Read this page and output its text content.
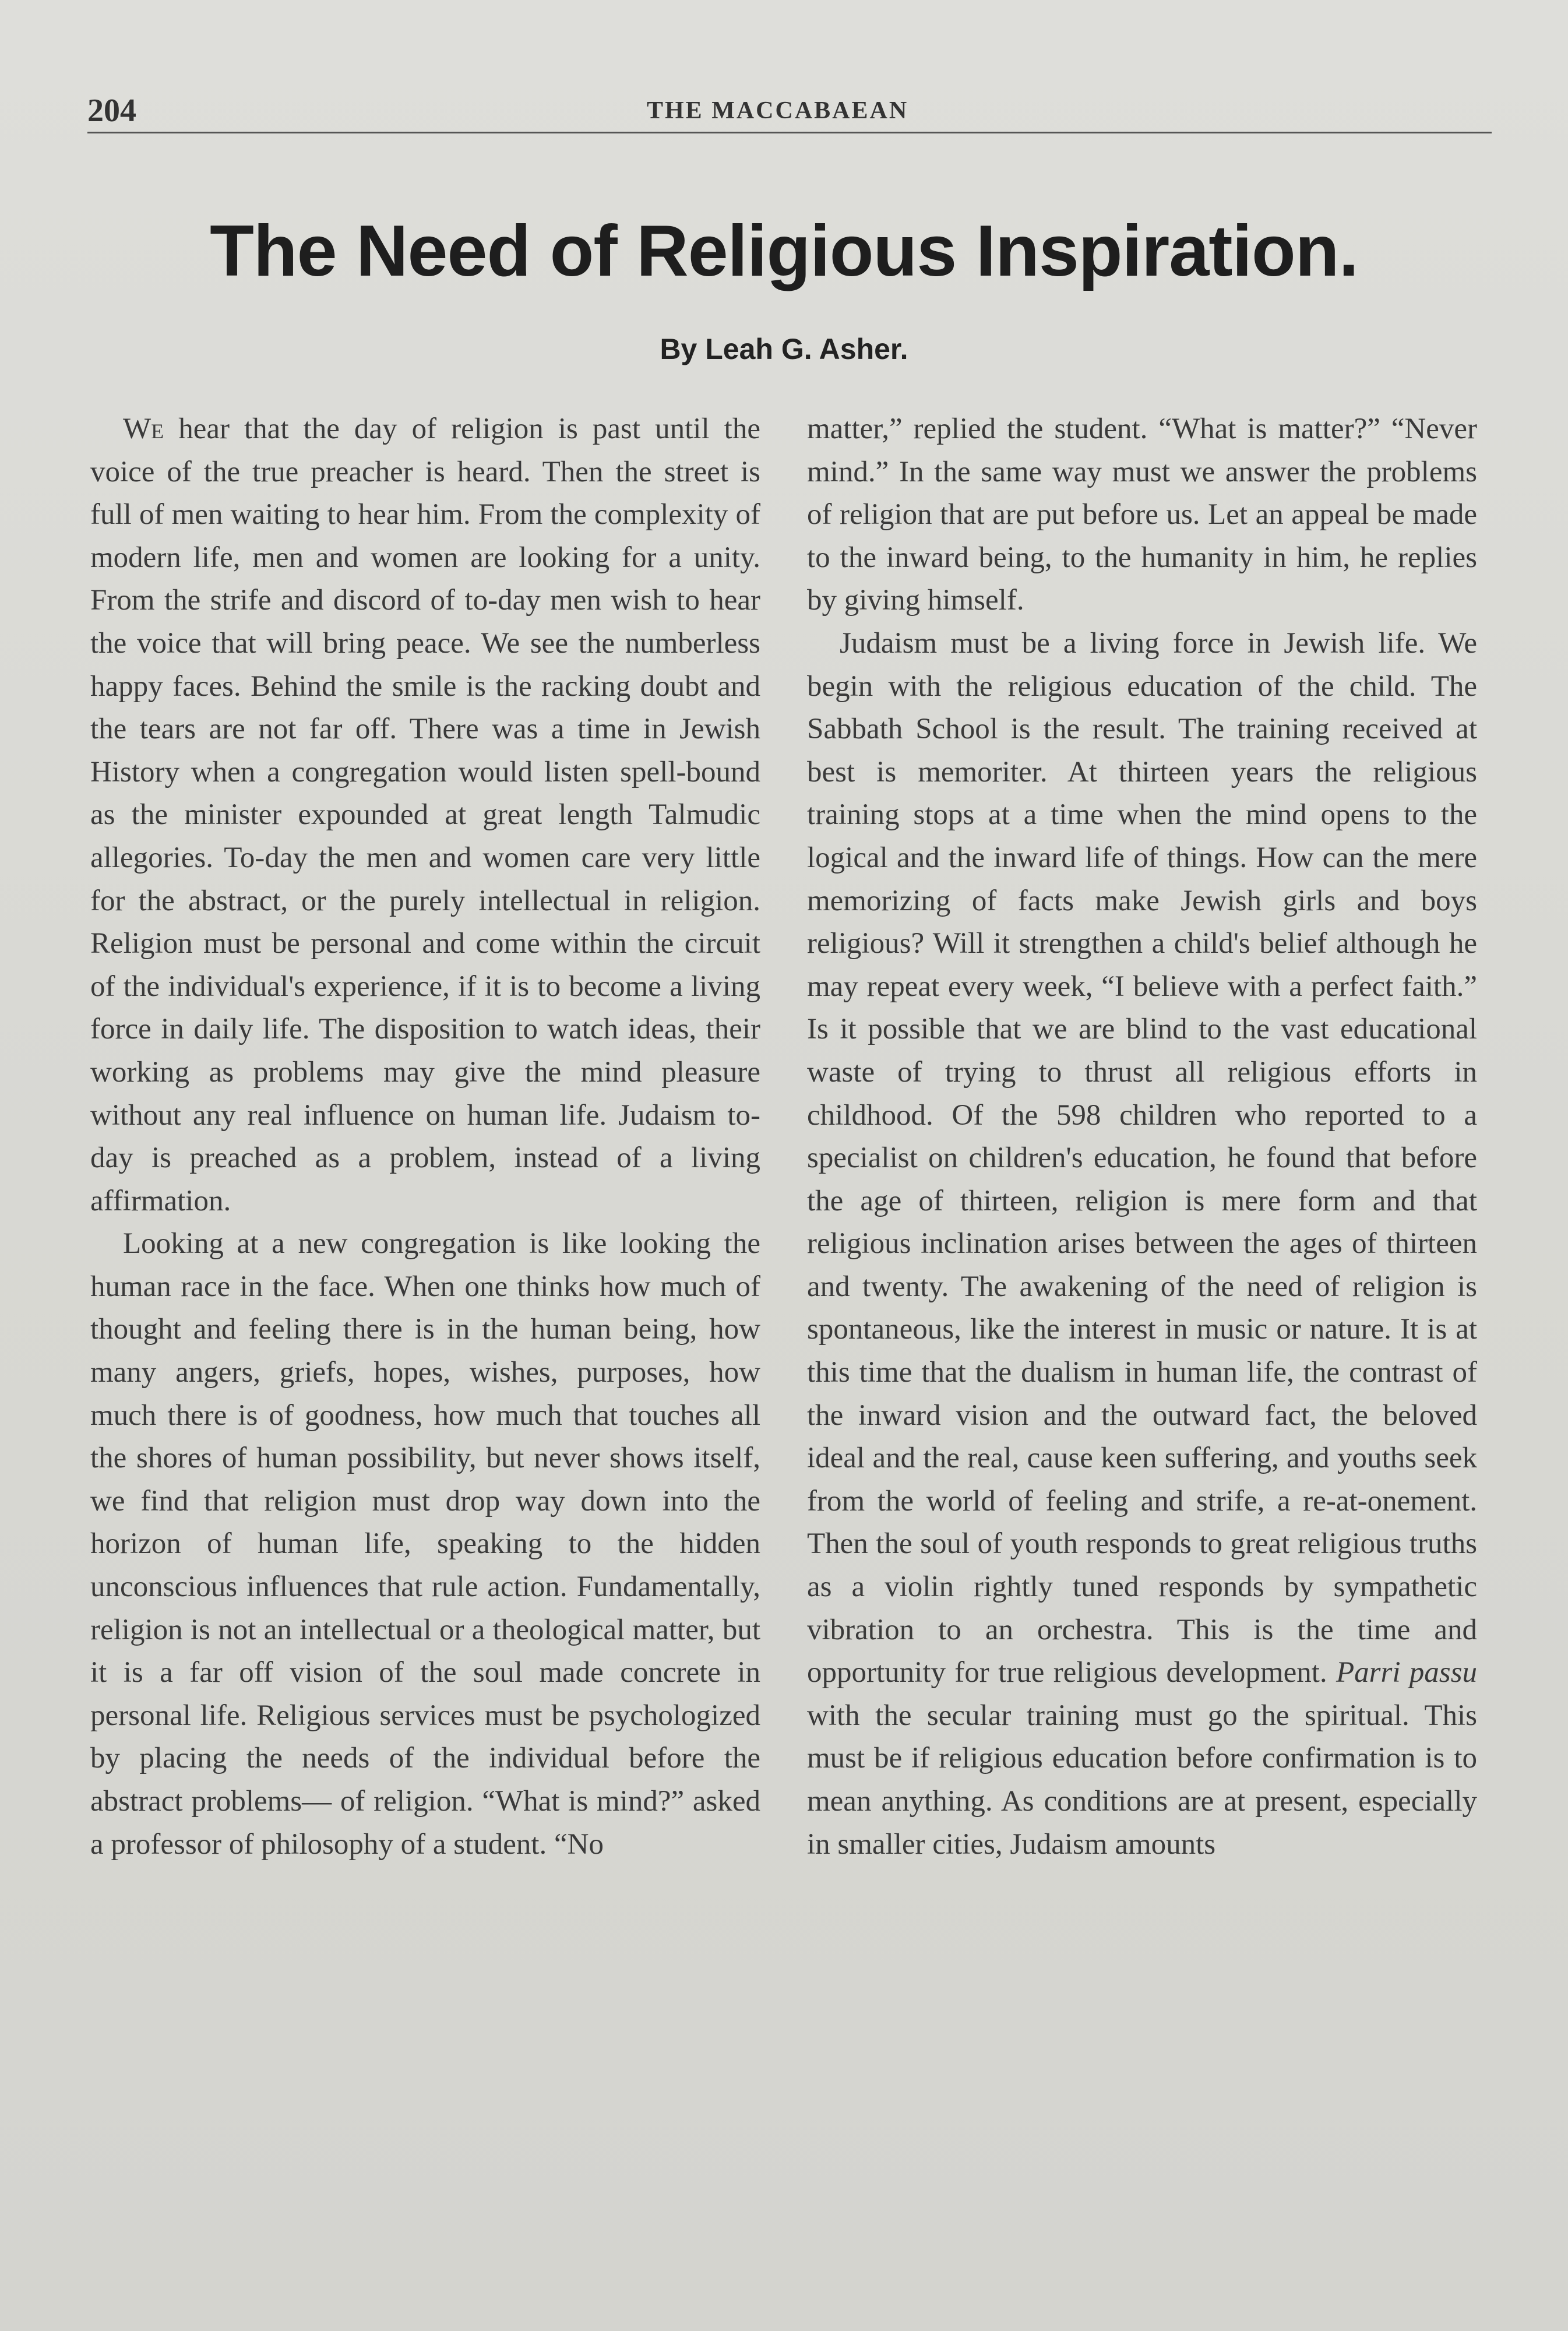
204	THE MACCABAEAN
The Need of Religious Inspiration.
By Leah G. Asher.

We hear that the day of religion is past until the voice of the true preacher is heard. Then the street is full of men waiting to hear him. From the complexity of modern life, men and women are looking for a unity. From the strife and discord of to-day men wish to hear the voice that will bring peace. We see the numberless happy faces. Behind the smile is the racking doubt and the tears are not far off. There was a time in Jewish History when a congregation would listen spell-bound as the minister expounded at great length Talmudic allegories. To-day the men and women care very little for the abstract, or the purely intellectual in religion. Religion must be personal and come within the circuit of the individual's experience, if it is to become a living force in daily life. The disposition to watch ideas, their working as problems may give the mind pleasure without any real influence on human life. Judaism to-day is preached as a problem, instead of a living affirmation.

Looking at a new congregation is like looking the human race in the face. When one thinks how much of thought and feeling there is in the human being, how many angers, griefs, hopes, wishes, purposes, how much there is of goodness, how much that touches all the shores of human possibility, but never shows itself, we find that religion must drop way down into the horizon of human life, speaking to the hidden unconscious influences that rule action. Fundamentally, religion is not an intellectual or a theological matter, but it is a far off vision of the soul made concrete in personal life. Religious services must be psychologized by placing the needs of the individual before the abstract problems— of religion. “What is mind?” asked a professor of philosophy of a student. “No

matter,” replied the student. “What is matter?” “Never mind.” In the same way must we answer the problems of religion that are put before us. Let an appeal be made to the inward being, to the humanity in him, he replies by giving himself.

Judaism must be a living force in Jewish life. We begin with the religious education of the child. The Sabbath School is the result. The training received at best is memoriter. At thirteen years the religious training stops at a time when the mind opens to the logical and the inward life of things. How can the mere memorizing of facts make Jewish girls and boys religious? Will it strengthen a child's belief although he may repeat every week, “I believe with a perfect faith.” Is it possible that we are blind to the vast educational waste of trying to thrust all religious efforts in childhood. Of the 598 children who reported to a specialist on children's education, he found that before the age of thirteen, religion is mere form and that religious inclination arises between the ages of thirteen and twenty. The awakening of the need of religion is spontaneous, like the interest in music or nature. It is at this time that the dualism in human life, the contrast of the inward vision and the outward fact, the beloved ideal and the real, cause keen suffering, and youths seek from the world of feeling and strife, a re-at-onement. Then the soul of youth responds to great religious truths as a violin rightly tuned responds by sympathetic vibration to an orchestra. This is the time and opportunity for true religious development. Parri passu with the secular training must go the spiritual. This must be if religious education before confirmation is to mean anything. As conditions are at present, especially in smaller cities, Judaism amounts
